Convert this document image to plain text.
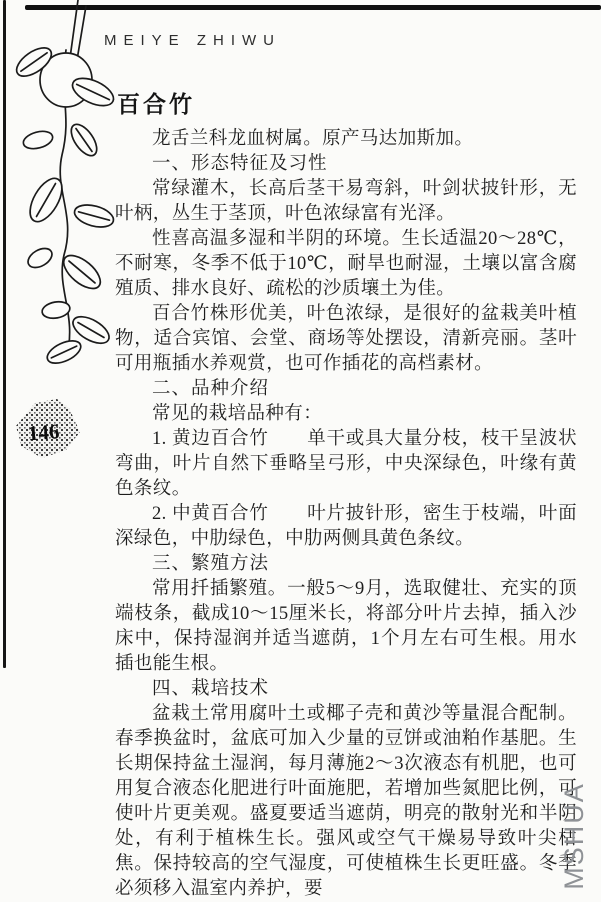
146
MEIYE ZHIWU
百合竹

龙舌兰科龙血树属。原产马达加斯加。

一、形态特征及习性

常绿灌木，长高后茎干易弯斜，叶剑状披针形，无叶柄，丛生于茎顶，叶色浓绿富有光泽。

性喜高温多湿和半阴的环境。生长适温20～28℃，不耐寒，冬季不低于10℃，耐旱也耐湿，土壤以富含腐殖质、排水良好、疏松的沙质壤土为佳。

百合竹株形优美，叶色浓绿，是很好的盆栽美叶植物，适合宾馆、会堂、商场等处摆设，清新亮丽。茎叶可用瓶插水养观赏，也可作插花的高档素材。

二、品种介绍

常见的栽培品种有：

1. 黄边百合竹　　单干或具大量分枝，枝干呈波状弯曲，叶片自然下垂略呈弓形，中央深绿色，叶缘有黄色条纹。

2. 中黄百合竹　　叶片披针形，密生于枝端，叶面深绿色，中肋绿色，中肋两侧具黄色条纹。

三、繁殖方法

常用扦插繁殖。一般5～9月，选取健壮、充实的顶端枝条，截成10～15厘米长，将部分叶片去掉，插入沙床中，保持湿润并适当遮荫，1个月左右可生根。用水插也能生根。

四、栽培技术

盆栽土常用腐叶土或椰子壳和黄沙等量混合配制。春季换盆时，盆底可加入少量的豆饼或油粕作基肥。生长期保持盆土湿润，每月薄施2～3次液态有机肥，也可用复合液态化肥进行叶面施肥，若增加些氮肥比例，可使叶片更美观。盛夏要适当遮荫，明亮的散射光和半阴处，有利于植株生长。强风或空气干燥易导致叶尖枯焦。保持较高的空气湿度，可使植株生长更旺盛。冬季必须移入温室内养护，要	MSHUA
